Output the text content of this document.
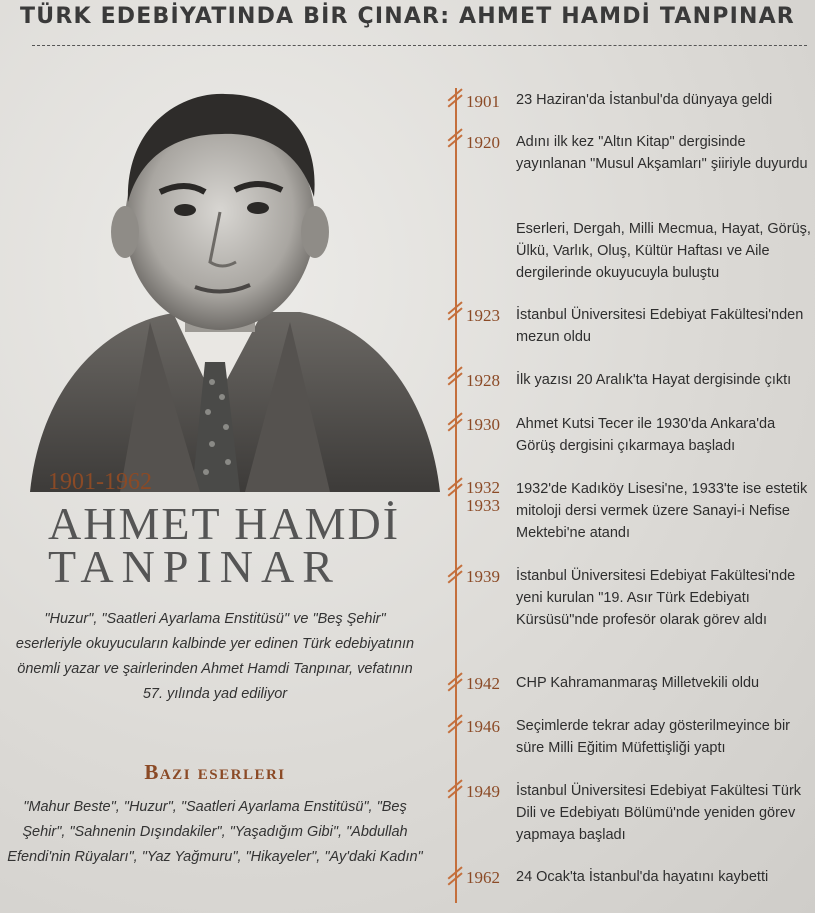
TÜRK EDEBİYATINDA BİR ÇINAR: AHMET HAMDİ TANPINAR
1901-1962
AHMET HAMDİ
TANPINAR
"Huzur", "Saatleri Ayarlama Enstitüsü" ve "Beş Şehir" eserleriyle okuyucuların kalbinde yer edinen Türk edebiyatının önemli yazar ve şairlerinden Ahmet Hamdi Tanpınar, vefatının 57. yılında yad ediliyor
Bazı eserleri
"Mahur Beste", "Huzur", "Saatleri Ayarlama Enstitüsü", "Beş Şehir", "Sahnenin Dışındakiler", "Yaşadığım Gibi", "Abdullah Efendi'nin Rüyaları", "Yaz Yağmuru", "Hikayeler", "Ay'daki Kadın"
1901 23 Haziran'da İstanbul'da dünyaya geldi
1920 Adını ilk kez "Altın Kitap" dergisinde yayınlanan "Musul Akşamları" şiiriyle duyurdu
Eserleri, Dergah, Milli Mecmua, Hayat, Görüş, Ülkü, Varlık, Oluş, Kültür Haftası ve Aile dergilerinde okuyucuyla buluştu
1923 İstanbul Üniversitesi Edebiyat Fakültesi'nden mezun oldu
1928 İlk yazısı 20 Aralık'ta Hayat dergisinde çıktı
1930 Ahmet Kutsi Tecer ile 1930'da Ankara'da Görüş dergisini çıkarmaya başladı
1932
1933
1932'de Kadıköy Lisesi'ne, 1933'te ise estetik mitoloji dersi vermek üzere Sanayi-i Nefise Mektebi'ne atandı
1939 İstanbul Üniversitesi Edebiyat Fakültesi'nde yeni kurulan "19. Asır Türk Edebiyatı Kürsüsü"nde profesör olarak görev aldı
1942 CHP Kahramanmaraş Milletvekili oldu
1946 Seçimlerde tekrar aday gösterilmeyince bir süre Milli Eğitim Müfettişliği yaptı
1949 İstanbul Üniversitesi Edebiyat Fakültesi Türk Dili ve Edebiyatı Bölümü'nde yeniden görev yapmaya başladı
1962 24 Ocak'ta İstanbul'da hayatını kaybetti
